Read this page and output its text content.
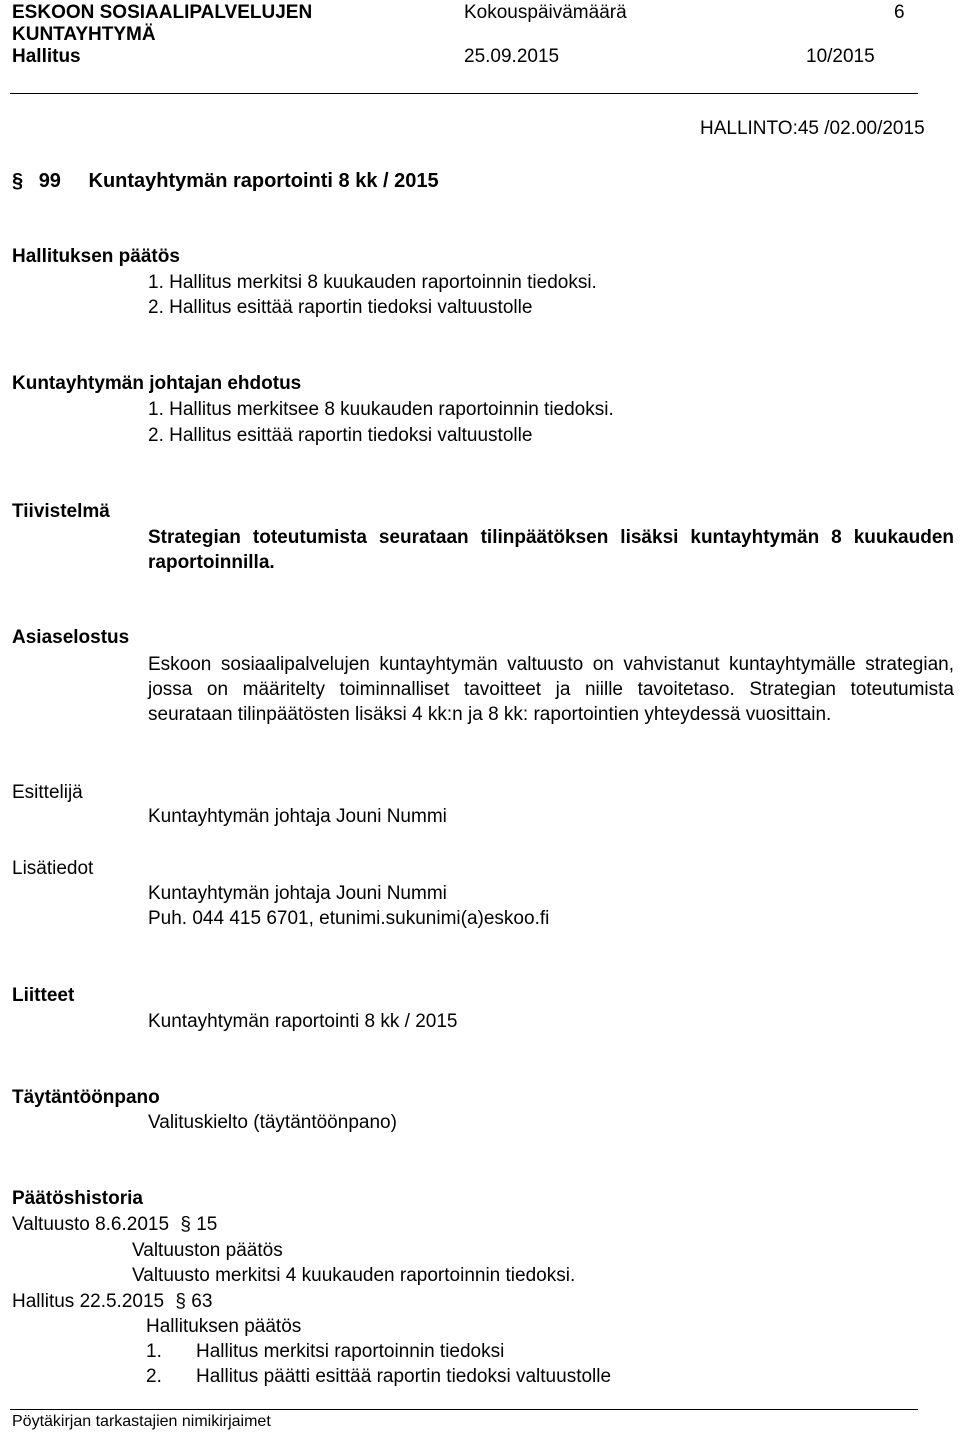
ESKOON SOSIAALIPALVELUJEN	Kokouspäivämäärä	6
KUNTAYHTYMÄ
Hallitus	25.09.2015	10/2015
HALLINTO:45 /02.00/2015
§ 99 Kuntayhtymän raportointi 8 kk / 2015
Hallituksen päätös
1. Hallitus merkitsi 8 kuukauden raportoinnin tiedoksi.
2. Hallitus esittää raportin tiedoksi valtuustolle
Kuntayhtymän johtajan ehdotus
1. Hallitus merkitsee 8 kuukauden raportoinnin tiedoksi.
2. Hallitus esittää raportin tiedoksi valtuustolle
Tiivistelmä
Strategian toteutumista seurataan tilinpäätöksen lisäksi kuntayhtymän 8 kuukauden raportoinnilla.
Asiaselostus
Eskoon sosiaalipalvelujen kuntayhtymän valtuusto on vahvistanut kuntayhtymälle strategian, jossa on määritelty toiminnalliset tavoitteet ja niille tavoitetaso. Strategian toteutumista seurataan tilinpäätösten lisäksi 4 kk:n ja 8 kk: raportointien yhteydessä vuosittain.
Esittelijä
Kuntayhtymän johtaja Jouni Nummi
Lisätiedot
Kuntayhtymän johtaja Jouni Nummi
Puh. 044 415 6701, etunimi.sukunimi(a)eskoo.fi
Liitteet
Kuntayhtymän raportointi 8 kk / 2015
Täytäntöönpano
Valituskielto (täytäntöönpano)
Päätöshistoria
Valtuusto 8.6.2015 § 15
Valtuuston päätös
Valtuusto merkitsi 4 kuukauden raportoinnin tiedoksi.
Hallitus 22.5.2015 § 63
Hallituksen päätös
1. Hallitus merkitsi raportoinnin tiedoksi
2. Hallitus päätti esittää raportin tiedoksi valtuustolle
Pöytäkirjan tarkastajien nimikirjaimet
